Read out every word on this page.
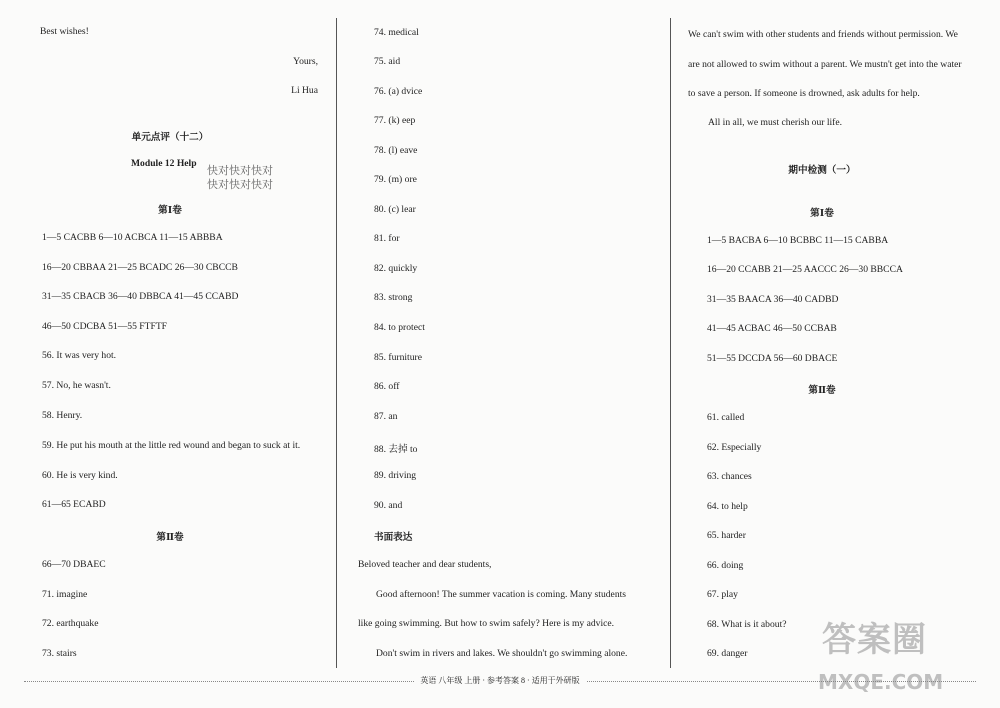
Best wishes!
Yours,
Li Hua
单元点评（十二）
Module 12 Help
快对快对快对
快对快对快对
第Ⅰ卷
1—5 CACBB 6—10 ACBCA 11—15 ABBBA
16—20 CBBAA 21—25 BCADC 26—30 CBCCB
31—35 CBACB 36—40 DBBCA 41—45 CCABD
46—50 CDCBA 51—55 FTFTF
56. It was very hot.
57. No, he wasn't.
58. Henry.
59. He put his mouth at the little red wound and began to suck at it.
60. He is very kind.
61—65 ECABD
第Ⅱ卷
66—70 DBAEC
71. imagine
72. earthquake
73. stairs
74. medical
75. aid
76. (a) dvice
77. (k) eep
78. (l) eave
79. (m) ore
80. (c) lear
81. for
82. quickly
83. strong
84. to protect
85. furniture
86. off
87. an
88. 去掉 to
89. driving
90. and
书面表达
Beloved teacher and dear students,
Good afternoon! The summer vacation is coming. Many students
like going swimming. But how to swim safely? Here is my advice.
Don't swim in rivers and lakes. We shouldn't go swimming alone.
We can't swim with other students and friends without permission. We
are not allowed to swim without a parent. We mustn't get into the water
to save a person. If someone is drowned, ask adults for help.
All in all, we must cherish our life.
期中检测（一）
第Ⅰ卷
1—5 BACBA 6—10 BCBBC 11—15 CABBA
16—20 CCABB 21—25 AACCC 26—30 BBCCA
31—35 BAACA 36—40 CADBD
41—45 ACBAC 46—50 CCBAB
51—55 DCCDA 56—60 DBACE
第Ⅱ卷
61. called
62. Especially
63. chances
64. to help
65. harder
66. doing
67. play
68. What is it about?
69. danger 答案圈
MXQE.COM
英语 八年级 上册 · 参考答案 8 · 适用于外研版
